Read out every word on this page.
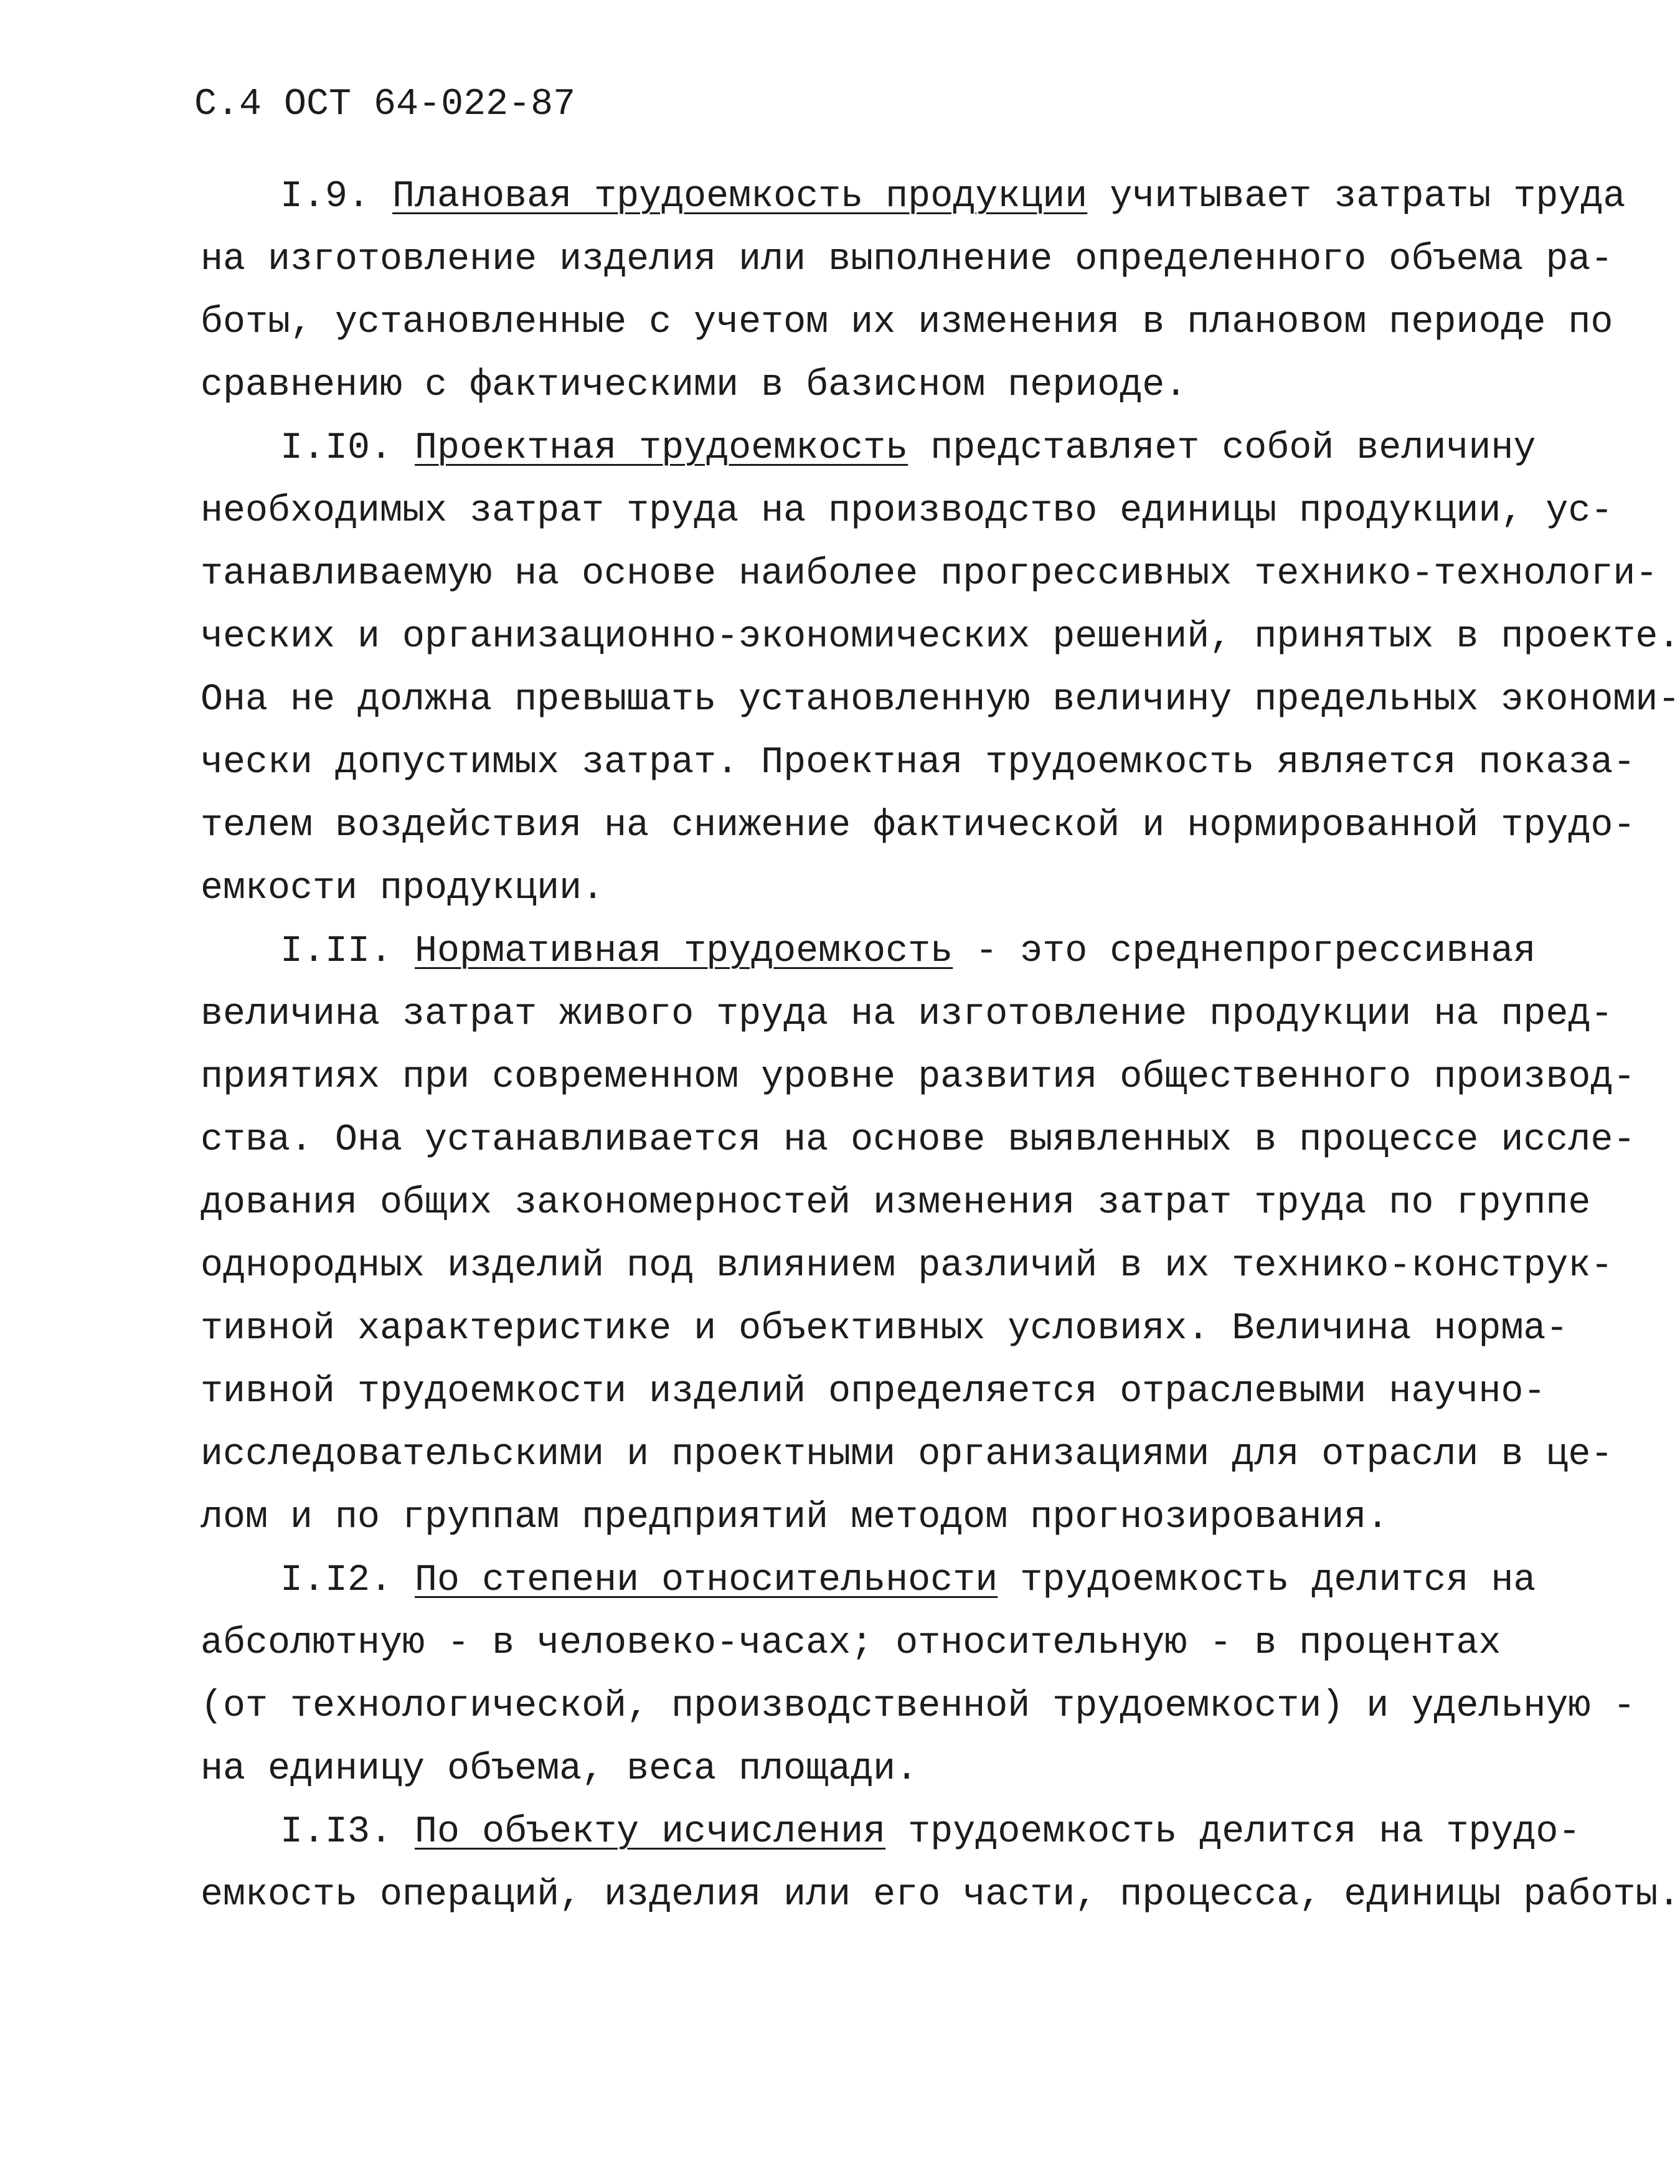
С.4 ОСТ 64-022-87
I.9. Плановая трудоемкость продукции учитывает затраты труда
на изготовление изделия или выполнение определенного объема ра-
боты, установленные с учетом их изменения в плановом периоде по
сравнению с фактическими в базисном периоде.
I.I0. Проектная трудоемкость представляет собой величину
необходимых затрат труда на производство единицы продукции, ус-
танавливаемую на основе наиболее прогрессивных технико-технологи-
ческих и организационно-экономических решений, принятых в проекте.
Она не должна превышать установленную величину предельных экономи-
чески допустимых затрат. Проектная трудоемкость является показа-
телем воздействия на снижение фактической и нормированной трудо-
емкости продукции.
I.II. Нормативная трудоемкость - это среднепрогрессивная
величина затрат живого труда на изготовление продукции на пред-
приятиях при современном уровне развития общественного производ-
ства. Она устанавливается на основе выявленных в процессе иссле-
дования общих закономерностей изменения затрат труда по группе
однородных изделий под влиянием различий в их технико-конструк-
тивной характеристике и объективных условиях. Величина норма-
тивной трудоемкости изделий определяется отраслевыми научно-
исследовательскими и проектными организациями для отрасли в це-
лом и по группам предприятий методом прогнозирования.
I.I2. По степени относительности трудоемкость делится на
абсолютную - в человеко-часах; относительную - в процентах
(от технологической, производственной трудоемкости) и удельную -
на единицу объема, веса площади.
I.I3. По объекту исчисления трудоемкость делится на трудо-
емкость операций, изделия или его части, процесса, единицы работы.
